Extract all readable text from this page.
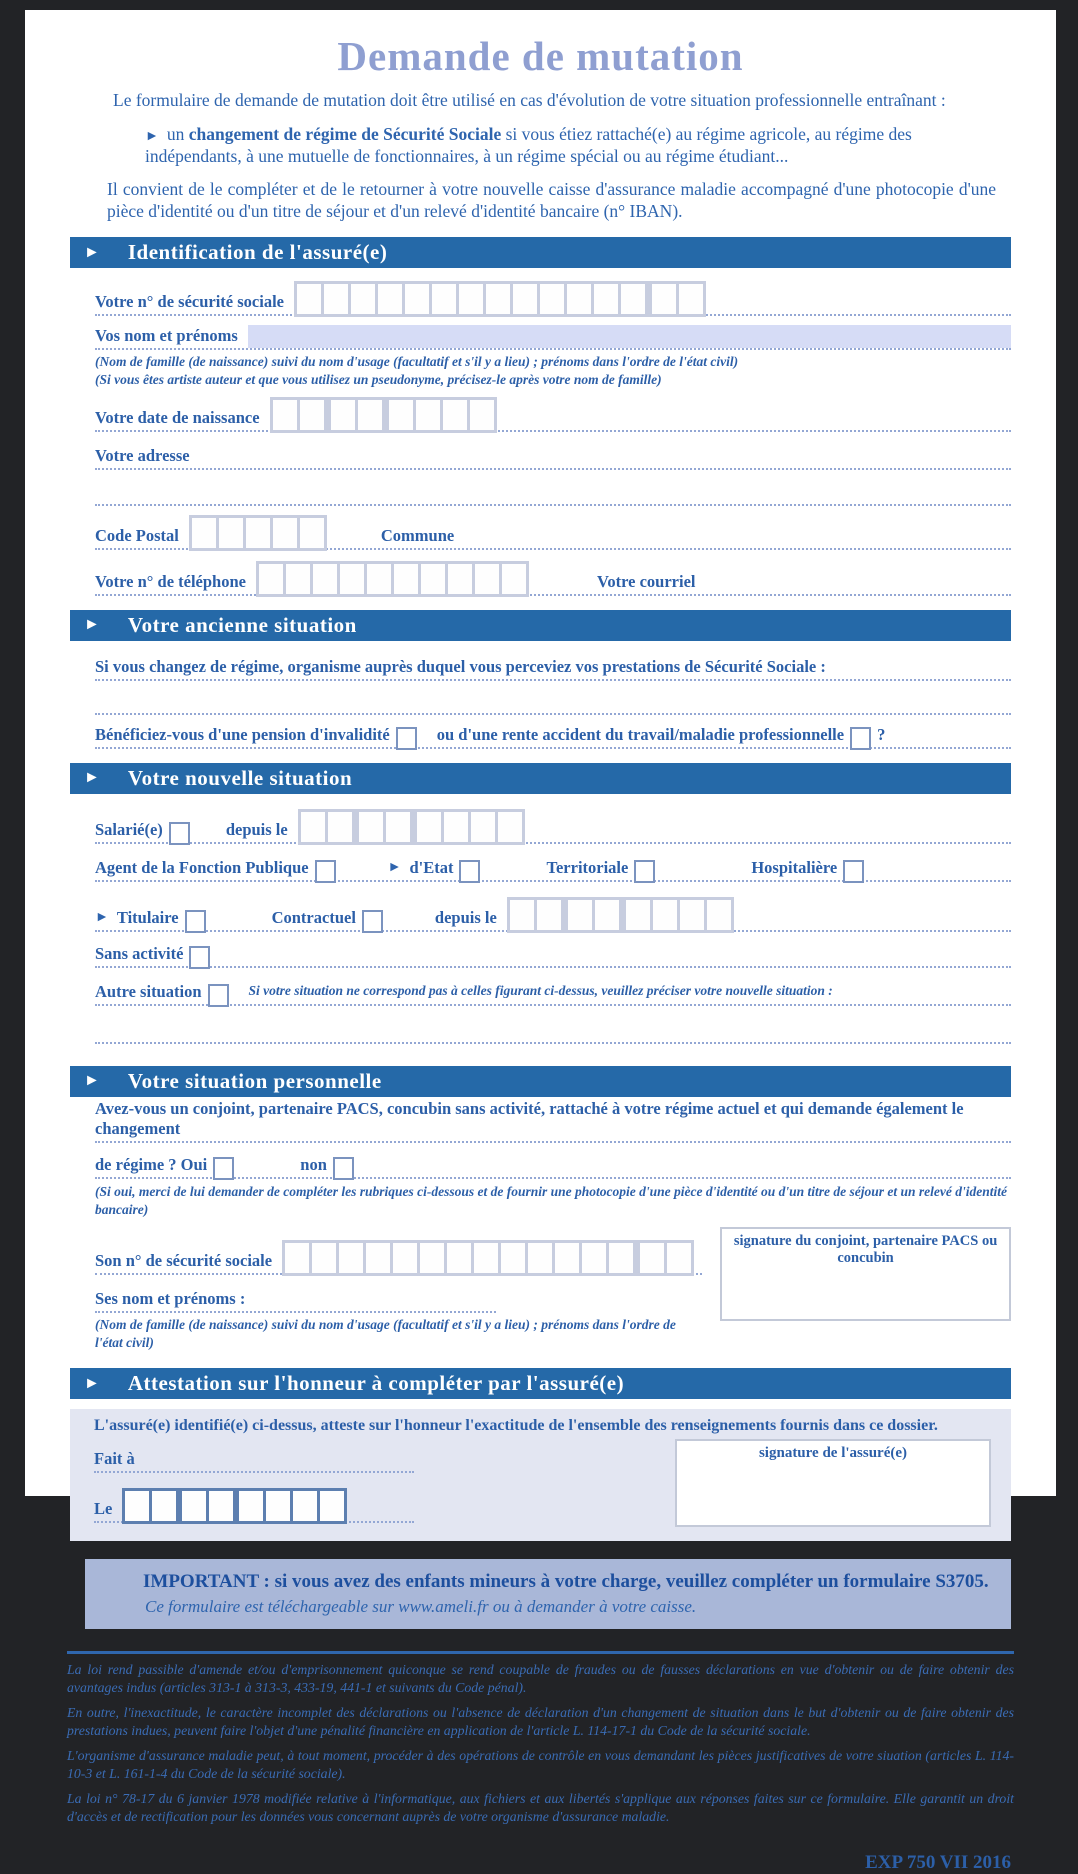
Demande de mutation
Le formulaire de demande de mutation doit être utilisé en cas d'évolution de votre situation professionnelle entraînant :
► un changement de régime de Sécurité Sociale si vous étiez rattaché(e) au régime agricole, au régime des indépendants, à une mutuelle de fonctionnaires, à un régime spécial ou au régime étudiant...
Il convient de le compléter et de le retourner à votre nouvelle caisse d'assurance maladie accompagné d'une photocopie d'une pièce d'identité ou d'un titre de séjour et d'un relevé d'identité bancaire (n° IBAN).
► Identification de l'assuré(e)
Votre n° de sécurité sociale
Vos nom et prénoms
(Nom de famille (de naissance) suivi du nom d'usage (facultatif et s'il y a lieu) ; prénoms dans l'ordre de l'état civil)
(Si vous êtes artiste auteur et que vous utilisez un pseudonyme, précisez-le après votre nom de famille)
Votre date de naissance
Votre adresse
Code Postal	Commune
Votre n° de téléphone	Votre courriel
► Votre ancienne situation
Si vous changez de régime, organisme auprès duquel vous perceviez vos prestations de Sécurité Sociale :
Bénéficiez-vous d'une pension d'invalidité	ou d'une rente accident du travail/maladie professionnelle ?
► Votre nouvelle situation
Salarié(e)	depuis le
Agent de la Fonction Publique	► d'Etat	Territoriale	Hospitalière
► Titulaire	Contractuel	depuis le
Sans activité
Autre situation	Si votre situation ne correspond pas à celles figurant ci-dessus, veuillez préciser votre nouvelle situation :
► Votre situation personnelle
Avez-vous un conjoint, partenaire PACS, concubin sans activité, rattaché à votre régime actuel et qui demande également le changement
de régime ? Oui	non
(Si oui, merci de lui demander de compléter les rubriques ci-dessous et de fournir une photocopie d'une pièce d'identité ou d'un titre de séjour et un relevé d'identité bancaire)
Son n° de sécurité sociale
Ses nom et prénoms :
(Nom de famille (de naissance) suivi du nom d'usage (facultatif et s'il y a lieu) ; prénoms dans l'ordre de l'état civil)
signature du conjoint, partenaire PACS ou concubin
► Attestation sur l'honneur à compléter par l'assuré(e)
L'assuré(e) identifié(e) ci-dessus, atteste sur l'honneur l'exactitude de l'ensemble des renseignements fournis dans ce dossier.
Fait à
Le
signature de l'assuré(e)
IMPORTANT : si vous avez des enfants mineurs à votre charge, veuillez compléter un formulaire S3705.
Ce formulaire est téléchargeable sur www.ameli.fr ou à demander à votre caisse.

La loi rend passible d'amende et/ou d'emprisonnement quiconque se rend coupable de fraudes ou de fausses déclarations en vue d'obtenir ou de faire obtenir des avantages indus (articles 313-1 à 313-3, 433-19, 441-1 et suivants du Code pénal).

En outre, l'inexactitude, le caractère incomplet des déclarations ou l'absence de déclaration d'un changement de situation dans le but d'obtenir ou de faire obtenir des prestations indues, peuvent faire l'objet d'une pénalité financière en application de l'article L. 114-17-1 du Code de la sécurité sociale.

L'organisme d'assurance maladie peut, à tout moment, procéder à des opérations de contrôle en vous demandant les pièces justificatives de votre siuation (articles L. 114-10-3 et L. 161-1-4 du Code de la sécurité sociale).

La loi n° 78-17 du 6 janvier 1978 modifiée relative à l'informatique, aux fichiers et aux libertés s'applique aux réponses faites sur ce formulaire. Elle garantit un droit d'accès et de rectification pour les données vous concernant auprès de votre organisme d'assurance maladie.

EXP 750 VII 2016
